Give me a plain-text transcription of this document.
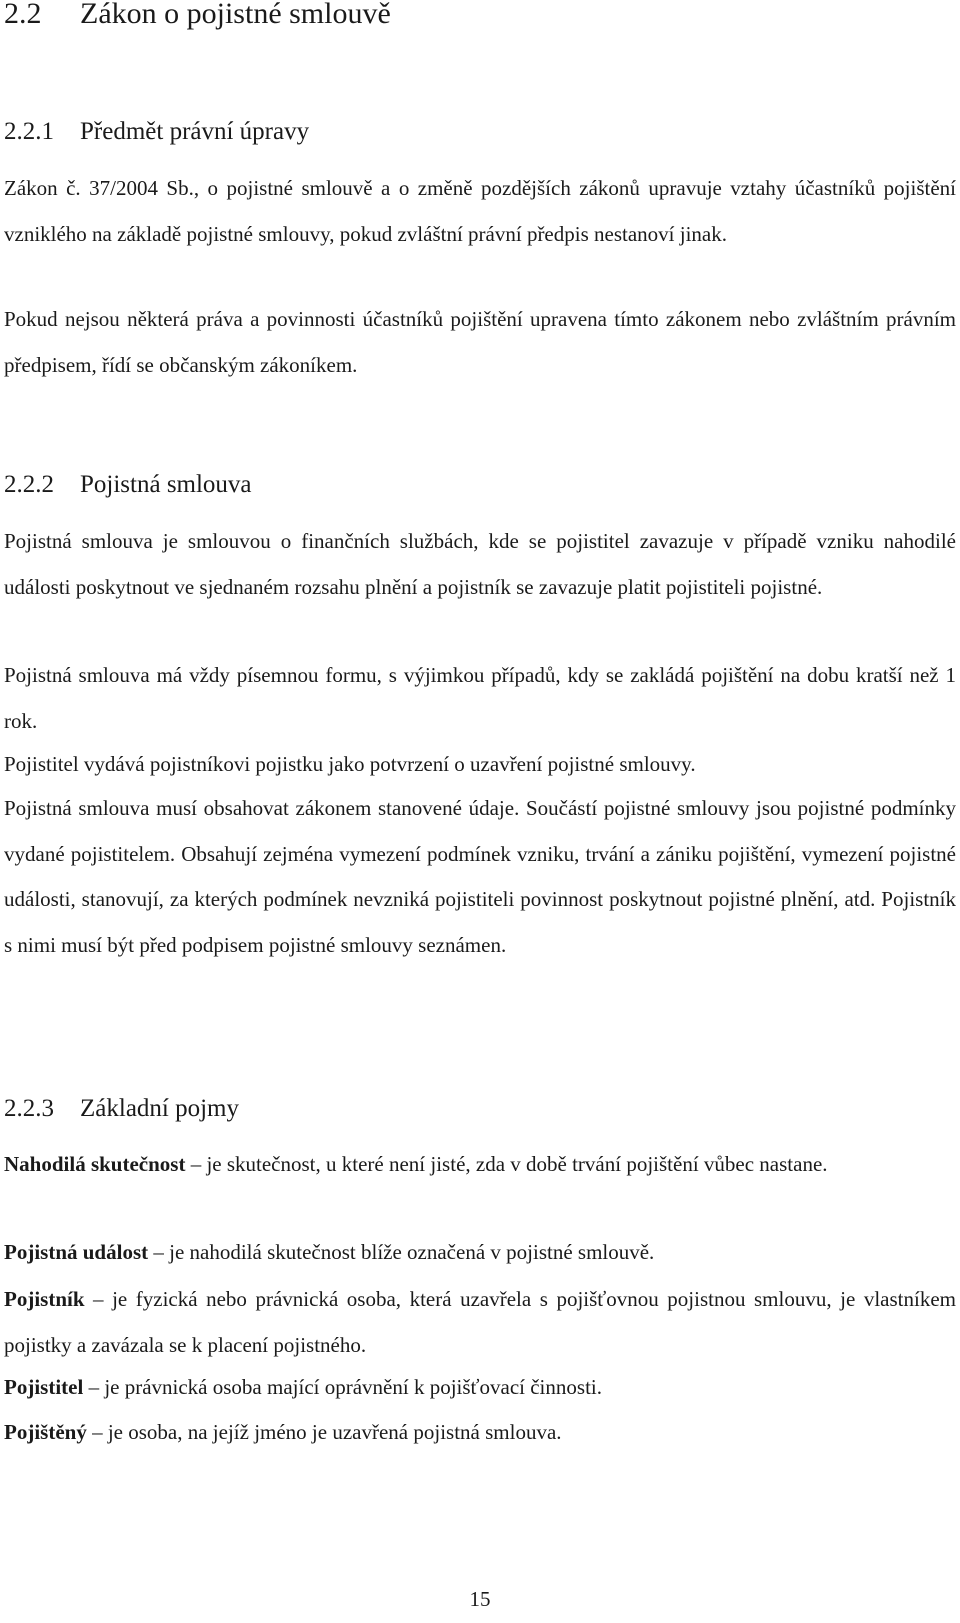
2.2 Zákon o pojistné smlouvě
2.2.1 Předmět právní úpravy

Zákon č. 37/2004 Sb., o pojistné smlouvě a o změně pozdějších zákonů upravuje vztahy účastníků pojištění vzniklého na základě pojistné smlouvy, pokud zvláštní právní předpis nestanoví jinak.

Pokud nejsou některá práva a povinnosti účastníků pojištění upravena tímto zákonem nebo zvláštním právním předpisem, řídí se občanským zákoníkem.

2.2.2 Pojistná smlouva

Pojistná smlouva je smlouvou o finančních službách, kde se pojistitel zavazuje v případě vzniku nahodilé události poskytnout ve sjednaném rozsahu plnění a pojistník se zavazuje platit pojistiteli pojistné.

Pojistná smlouva má vždy písemnou formu, s výjimkou případů, kdy se zakládá pojištění na dobu kratší než 1 rok.

Pojistitel vydává pojistníkovi pojistku jako potvrzení o uzavření pojistné smlouvy.

Pojistná smlouva musí obsahovat zákonem stanovené údaje. Součástí pojistné smlouvy jsou pojistné podmínky vydané pojistitelem. Obsahují zejména vymezení podmínek vzniku, trvání a zániku pojištění, vymezení pojistné události, stanovují, za kterých podmínek nevzniká pojistiteli povinnost poskytnout pojistné plnění, atd. Pojistník s nimi musí být před podpisem pojistné smlouvy seznámen.

2.2.3 Základní pojmy

Nahodilá skutečnost – je skutečnost, u které není jisté, zda v době trvání pojištění vůbec nastane.

Pojistná událost – je nahodilá skutečnost blíže označená v pojistné smlouvě.

Pojistník – je fyzická nebo právnická osoba, která uzavřela s pojišťovnou pojistnou smlouvu, je vlastníkem pojistky a zavázala se k placení pojistného.

Pojistitel – je právnická osoba mající oprávnění k pojišťovací činnosti.

Pojištěný – je osoba, na jejíž jméno je uzavřená pojistná smlouva.

15
